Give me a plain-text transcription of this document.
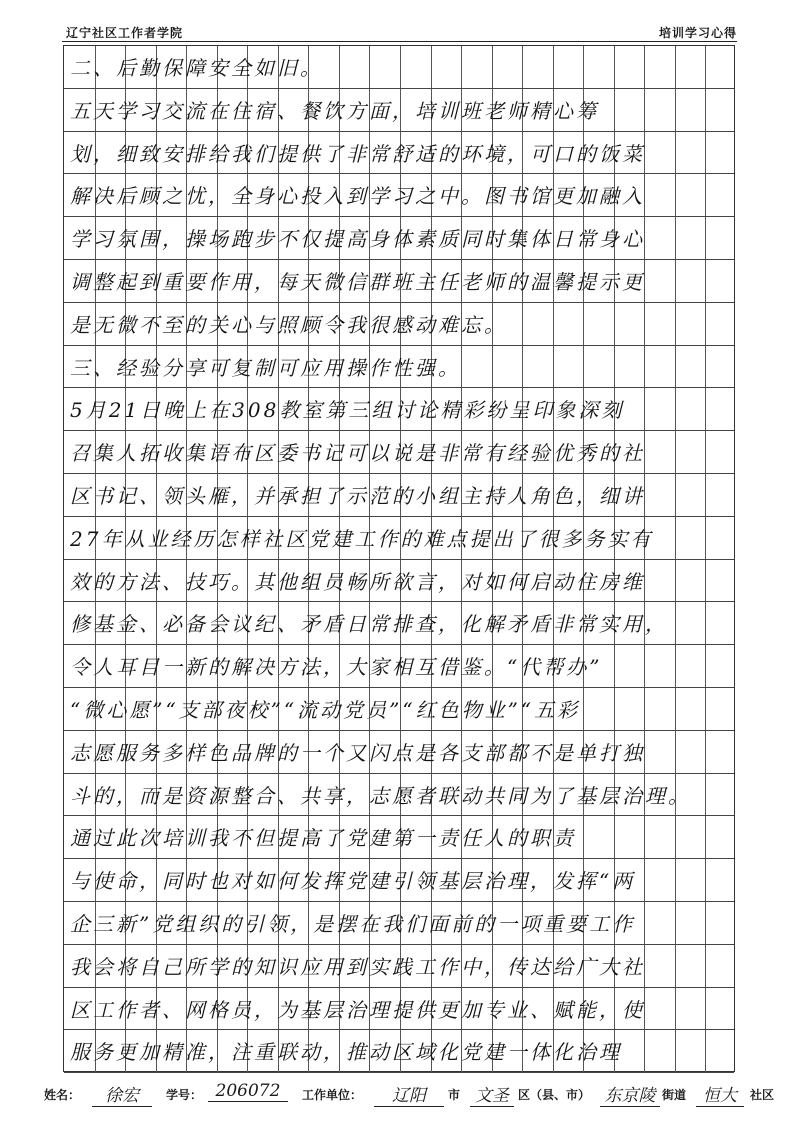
辽宁社区工作者学院	培训学习心得
二、后勤保障安全如旧。
五天学习交流在住宿、餐饮方面，培训班老师精心筹
划，细致安排给我们提供了非常舒适的环境，可口的饭菜
解决后顾之忧，全身心投入到学习之中。图书馆更加融入
学习氛围，操场跑步不仅提高身体素质同时集体日常身心
调整起到重要作用，每天微信群班主任老师的温馨提示更
是无微不至的关心与照顾令我很感动难忘。
三、经验分享可复制可应用操作性强。
5月21日晚上在308教室第三组讨论精彩纷呈印象深刻
召集人拓收集语布区委书记可以说是非常有经验优秀的社
区书记、领头雁，并承担了示范的小组主持人角色，细讲
27年从业经历怎样社区党建工作的难点提出了很多务实有
效的方法、技巧。其他组员畅所欲言，对如何启动住房维
修基金、必备会议纪、矛盾日常排查，化解矛盾非常实用，
令人耳目一新的解决方法，大家相互借鉴。“代帮办”
“微心愿”“支部夜校”“流动党员”“红色物业”“五彩
志愿服务多样色品牌的一个又闪点是各支部都不是单打独
斗的，而是资源整合、共享，志愿者联动共同为了基层治理。
通过此次培训我不但提高了党建第一责任人的职责
与使命，同时也对如何发挥党建引领基层治理，发挥“两
企三新”党组织的引领，是摆在我们面前的一项重要工作
我会将自己所学的知识应用到实践工作中，传达给广大社
区工作者、网格员，为基层治理提供更加专业、赋能，使
服务更加精准，注重联动，推动区域化党建一体化治理
姓名：	徐宏	学号： 206072	工作单位：	辽阳	市 文圣 区（县、市） 东京陵 街道 恒大	社区
